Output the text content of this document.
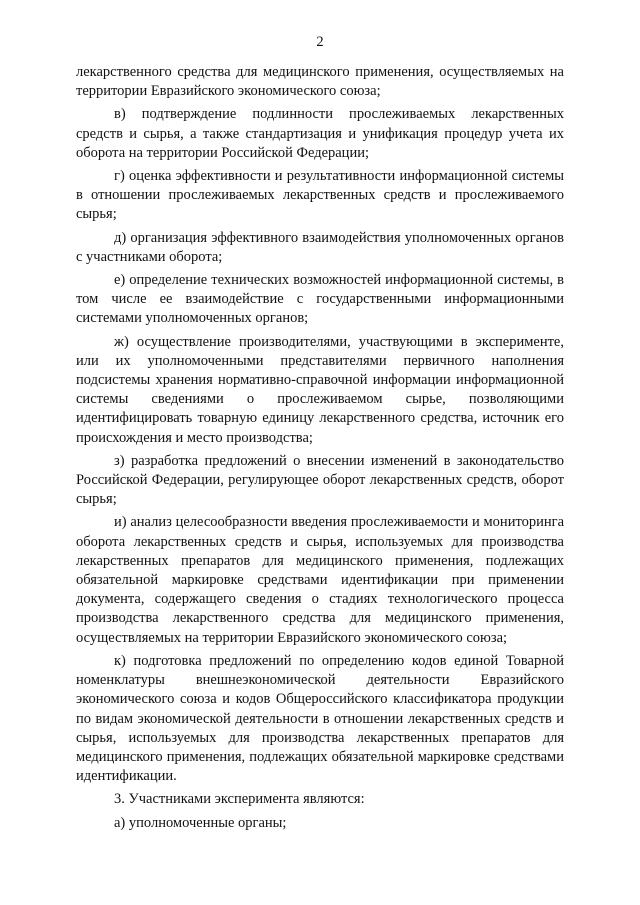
2

лекарственного средства для медицинского применения, осуществляемых на территории Евразийского экономического союза;

в) подтверждение подлинности прослеживаемых лекарственных средств и сырья, а также стандартизация и унификация процедур учета их оборота на территории Российской Федерации;

г) оценка эффективности и результативности информационной системы в отношении прослеживаемых лекарственных средств и прослеживаемого сырья;

д) организация эффективного взаимодействия уполномоченных органов с участниками оборота;

е) определение технических возможностей информационной системы, в том числе ее взаимодействие с государственными информационными системами уполномоченных органов;

ж) осуществление производителями, участвующими в эксперименте, или их уполномоченными представителями первичного наполнения подсистемы хранения нормативно-справочной информации информационной системы сведениями о прослеживаемом сырье, позволяющими идентифицировать товарную единицу лекарственного средства, источник его происхождения и место производства;

з) разработка предложений о внесении изменений в законодательство Российской Федерации, регулирующее оборот лекарственных средств, оборот сырья;

и) анализ целесообразности введения прослеживаемости и мониторинга оборота лекарственных средств и сырья, используемых для производства лекарственных препаратов для медицинского применения, подлежащих обязательной маркировке средствами идентификации при применении документа, содержащего сведения о стадиях технологического процесса производства лекарственного средства для медицинского применения, осуществляемых на территории Евразийского экономического союза;

к) подготовка предложений по определению кодов единой Товарной номенклатуры внешнеэкономической деятельности Евразийского экономического союза и кодов Общероссийского классификатора продукции по видам экономической деятельности в отношении лекарственных средств и сырья, используемых для производства лекарственных препаратов для медицинского применения, подлежащих обязательной маркировке средствами идентификации.

3. Участниками эксперимента являются:

а) уполномоченные органы;
